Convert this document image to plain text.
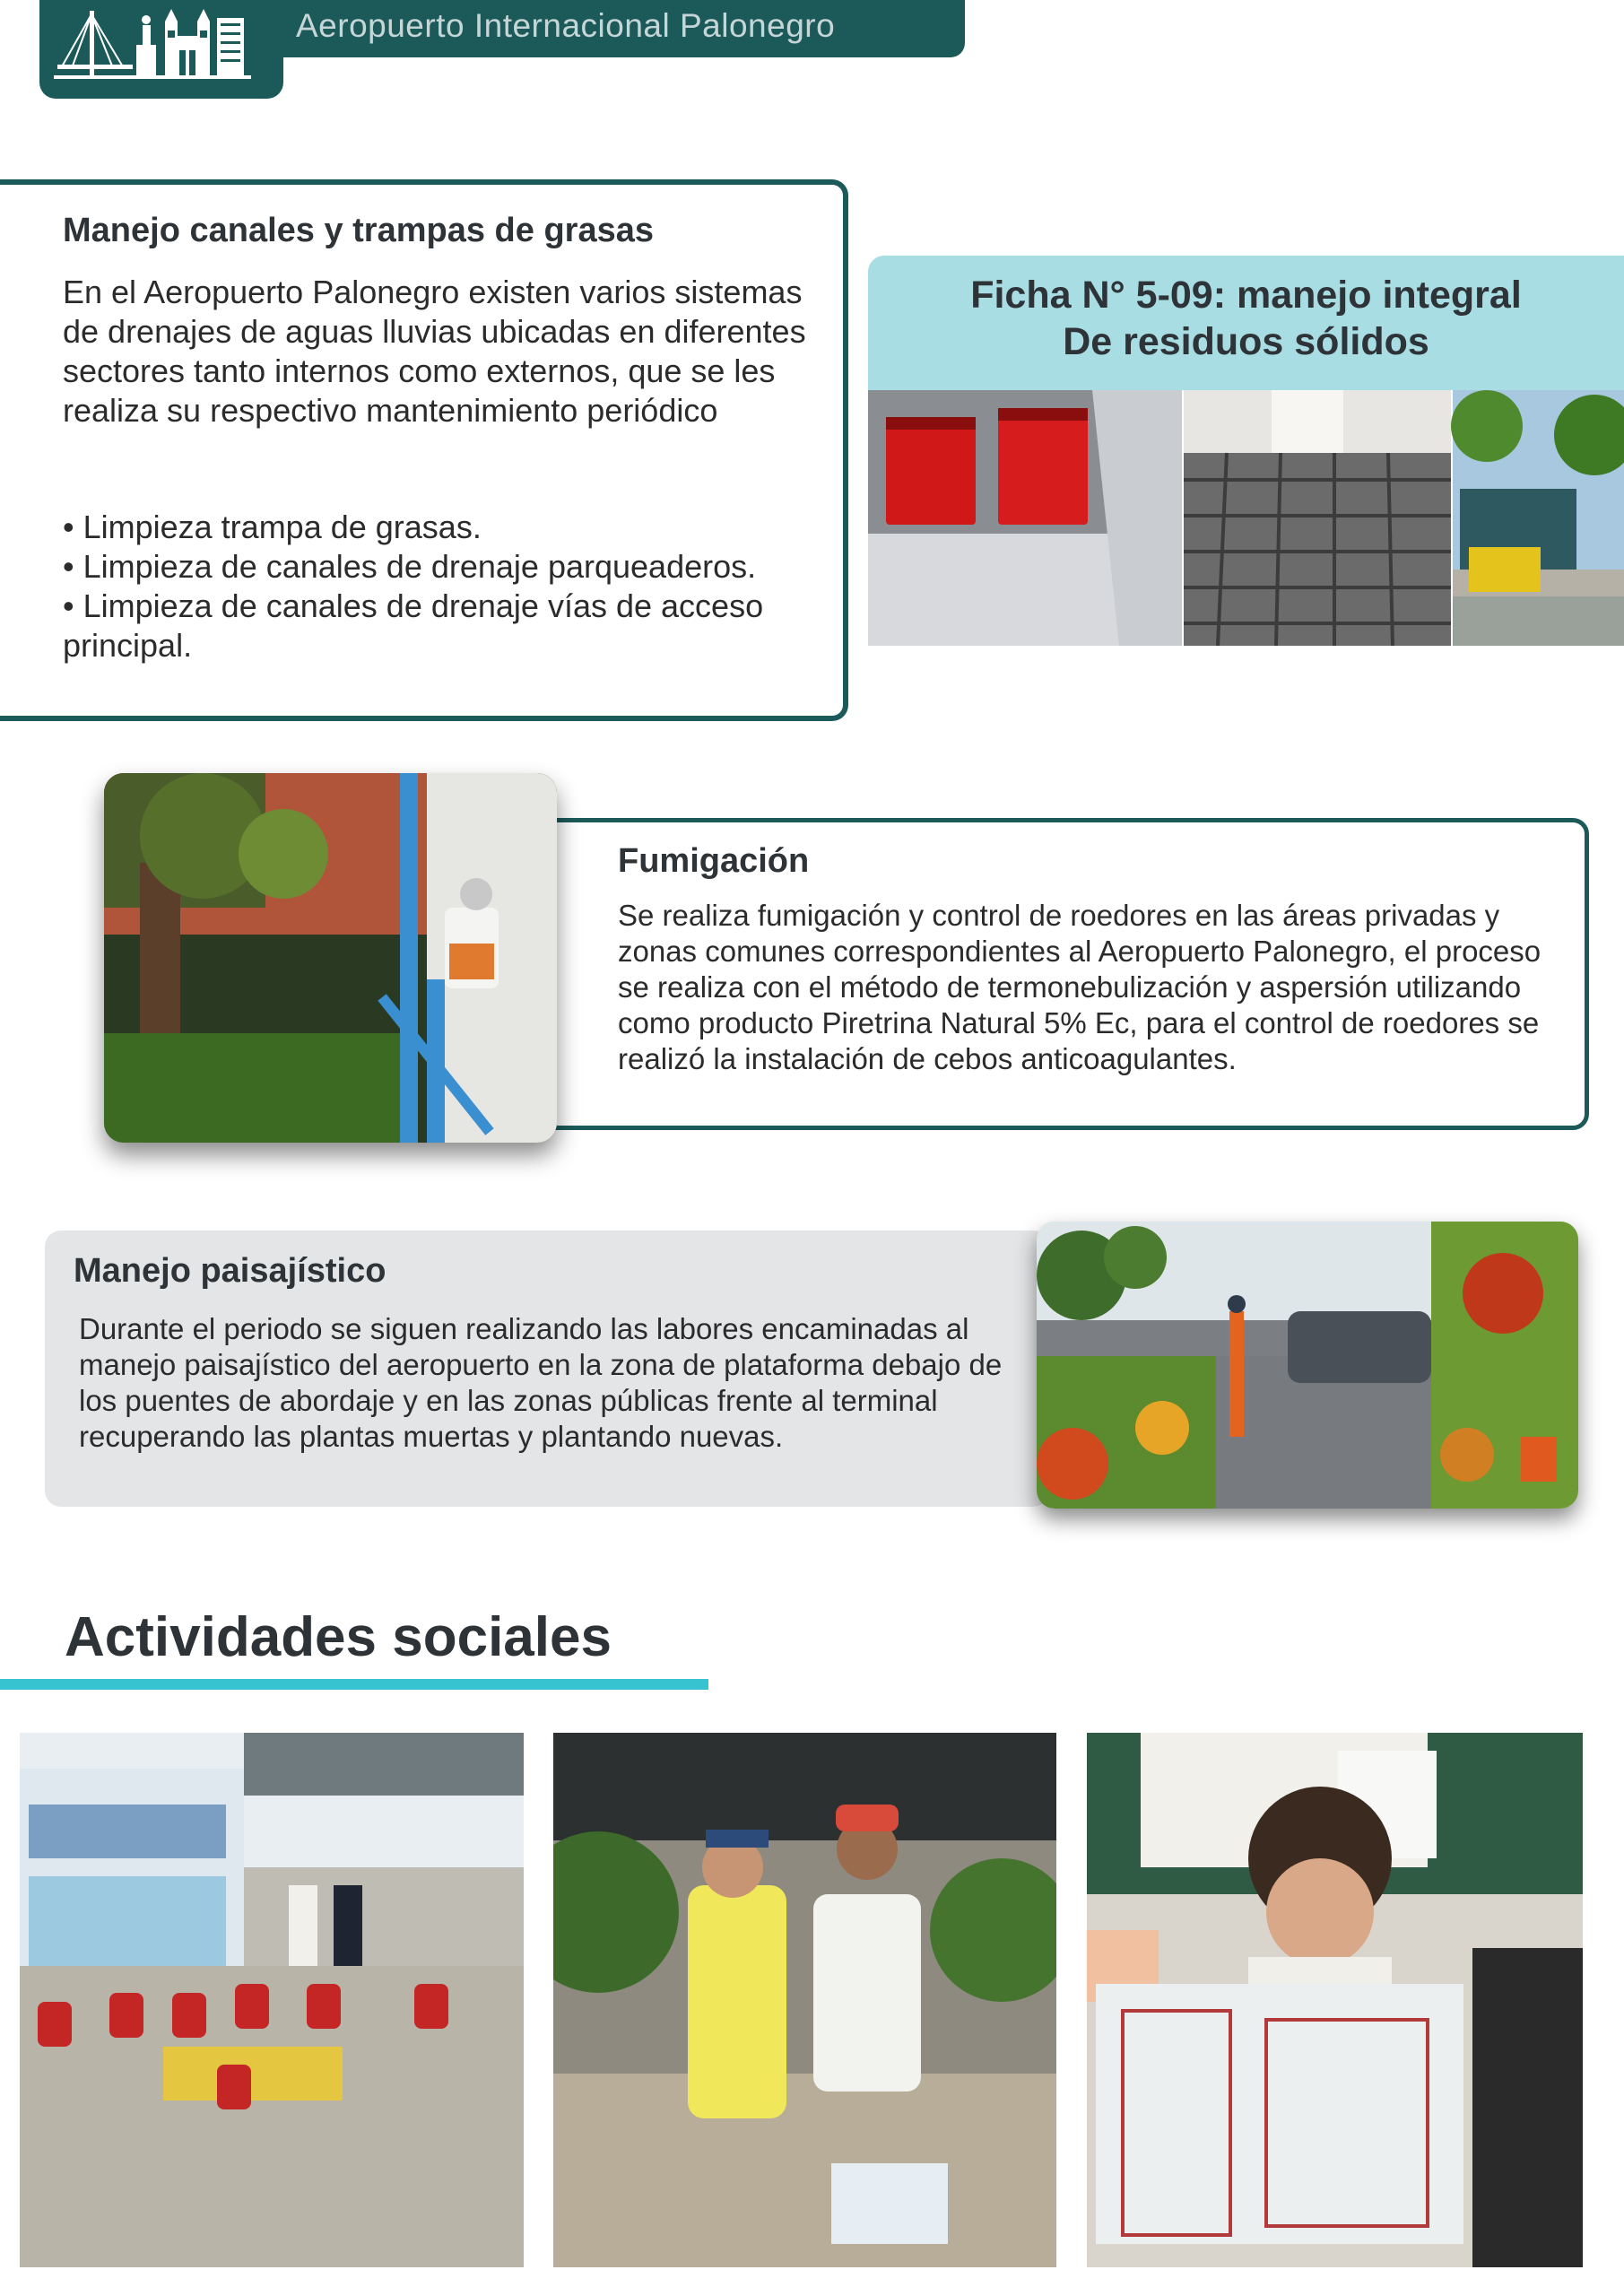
Aeropuerto Internacional Palonegro
Manejo canales y trampas de grasas

En el Aeropuerto Palonegro existen varios sistemas de drenajes de aguas lluvias ubicadas en diferentes sectores tanto internos como externos, que se les realiza su respectivo mantenimiento periódico

• Limpieza trampa de grasas.
• Limpieza de canales de drenaje parqueaderos.
• Limpieza de canales de drenaje vías de acceso principal.
Ficha N° 5-09: manejo integral
De residuos sólidos
Fumigación

Se realiza fumigación y control de roedores en las áreas privadas y zonas comunes correspondientes al Aeropuerto Palonegro, el proceso se realiza con el método de termonebulización y aspersión utilizando como producto Piretrina Natural 5% Ec, para el control de roedores se realizó la instalación de cebos anticoagulantes.

Manejo paisajístico

Durante el periodo se siguen realizando las labores encaminadas al manejo paisajístico del aeropuerto en la zona de plataforma debajo de los puentes de abordaje y en las zonas públicas frente al terminal recuperando las plantas muertas y plantando nuevas.

Actividades sociales
